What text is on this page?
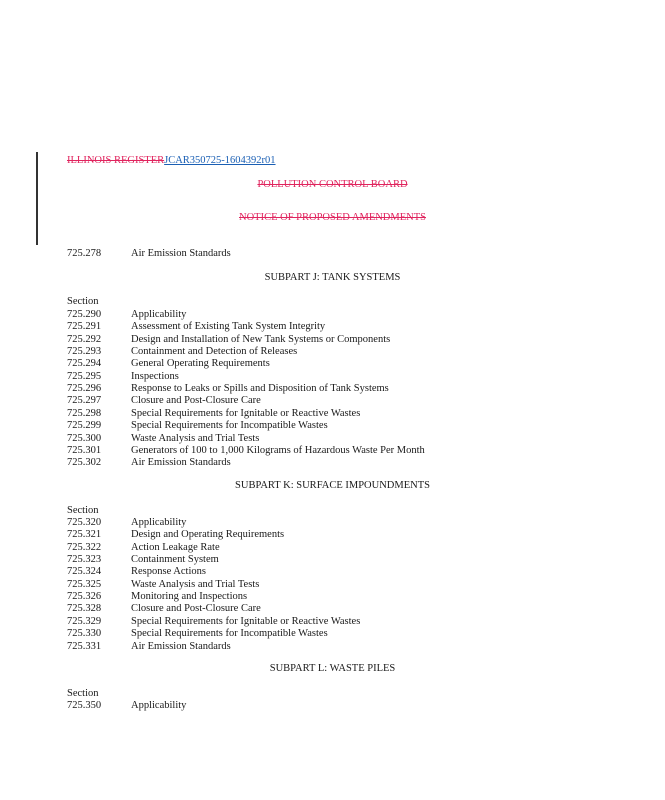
ILLINOIS REGISTERJCAR350725-1604392r01
POLLUTION CONTROL BOARD
NOTICE OF PROPOSED AMENDMENTS
725.278	Air Emission Standards
SUBPART J: TANK SYSTEMS
Section
725.290	Applicability
725.291	Assessment of Existing Tank System Integrity
725.292	Design and Installation of New Tank Systems or Components
725.293	Containment and Detection of Releases
725.294	General Operating Requirements
725.295	Inspections
725.296	Response to Leaks or Spills and Disposition of Tank Systems
725.297	Closure and Post-Closure Care
725.298	Special Requirements for Ignitable or Reactive Wastes
725.299	Special Requirements for Incompatible Wastes
725.300	Waste Analysis and Trial Tests
725.301	Generators of 100 to 1,000 Kilograms of Hazardous Waste Per Month
725.302	Air Emission Standards
SUBPART K: SURFACE IMPOUNDMENTS
Section
725.320	Applicability
725.321	Design and Operating Requirements
725.322	Action Leakage Rate
725.323	Containment System
725.324	Response Actions
725.325	Waste Analysis and Trial Tests
725.326	Monitoring and Inspections
725.328	Closure and Post-Closure Care
725.329	Special Requirements for Ignitable or Reactive Wastes
725.330	Special Requirements for Incompatible Wastes
725.331	Air Emission Standards
SUBPART L: WASTE PILES
Section
725.350	Applicability
